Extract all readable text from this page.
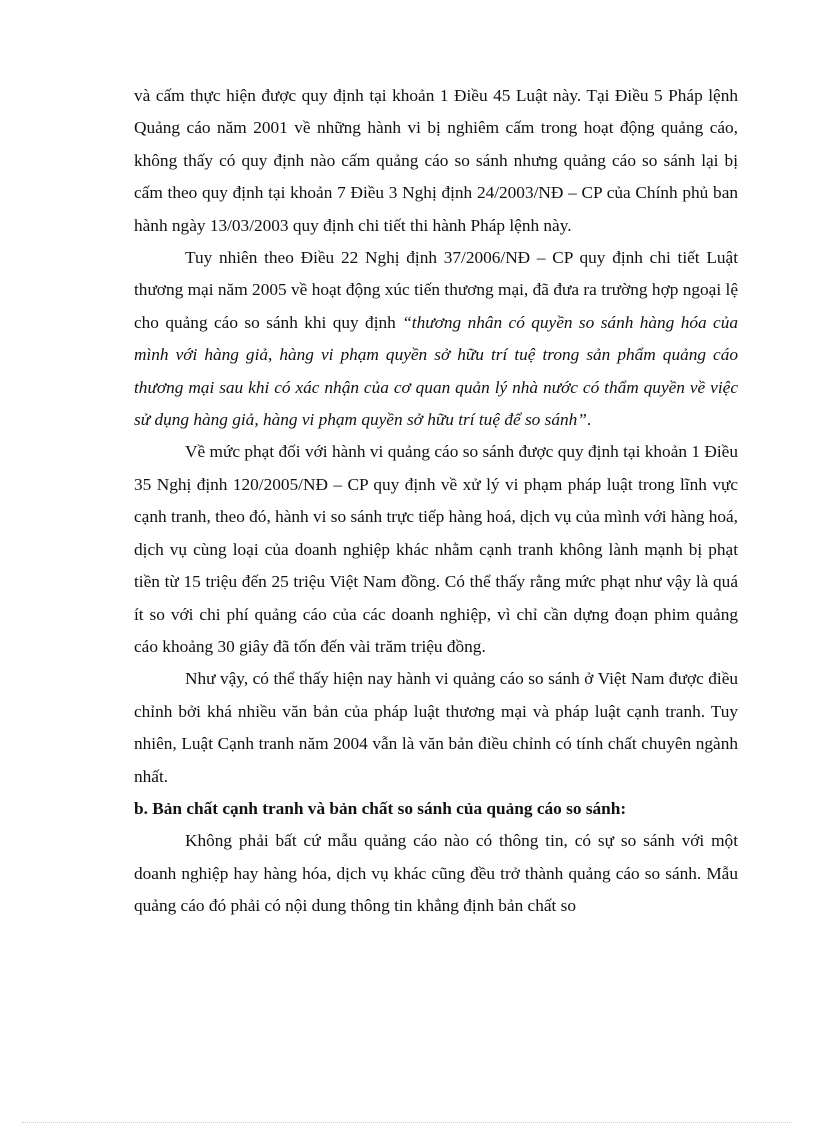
và cấm thực hiện được quy định tại khoản 1 Điều 45 Luật này. Tại Điều 5 Pháp lệnh Quảng cáo năm 2001 về những hành vi bị nghiêm cấm trong hoạt động quảng cáo, không thấy có quy định nào cấm quảng cáo so sánh nhưng quảng cáo so sánh lại bị cấm theo quy định tại khoản 7 Điều 3 Nghị định 24/2003/NĐ – CP của Chính phủ ban hành ngày 13/03/2003 quy định chi tiết thi hành Pháp lệnh này.

Tuy nhiên theo Điều 22 Nghị định 37/2006/NĐ – CP quy định chi tiết Luật thương mại năm 2005 về hoạt động xúc tiến thương mại, đã đưa ra trường hợp ngoại lệ cho quảng cáo so sánh khi quy định “thương nhân có quyền so sánh hàng hóa của mình với hàng giả, hàng vi phạm quyền sở hữu trí tuệ trong sản phẩm quảng cáo thương mại sau khi có xác nhận của cơ quan quản lý nhà nước có thẩm quyền về việc sử dụng hàng giả, hàng vi phạm quyền sở hữu trí tuệ để so sánh”.

Về mức phạt đối với hành vi quảng cáo so sánh được quy định tại khoản 1 Điều 35 Nghị định 120/2005/NĐ – CP quy định về xử lý vi phạm pháp luật trong lĩnh vực cạnh tranh, theo đó, hành vi so sánh trực tiếp hàng hoá, dịch vụ của mình với hàng hoá, dịch vụ cùng loại của doanh nghiệp khác nhằm cạnh tranh không lành mạnh bị phạt tiền từ 15 triệu đến 25 triệu Việt Nam đồng. Có thể thấy rằng mức phạt như vậy là quá ít so với chi phí quảng cáo của các doanh nghiệp, vì chỉ cần dựng đoạn phim quảng cáo khoảng 30 giây đã tốn đến vài trăm triệu đồng.

Như vậy, có thể thấy hiện nay hành vi quảng cáo so sánh ở Việt Nam được điều chỉnh bởi khá nhiều văn bản của pháp luật thương mại và pháp luật cạnh tranh. Tuy nhiên, Luật Cạnh tranh năm 2004 vẫn là văn bản điều chỉnh có tính chất chuyên ngành nhất.

b. Bản chất cạnh tranh và bản chất so sánh của quảng cáo so sánh:

Không phải bất cứ mẫu quảng cáo nào có thông tin, có sự so sánh với một doanh nghiệp hay hàng hóa, dịch vụ khác cũng đều trở thành quảng cáo so sánh. Mẫu quảng cáo đó phải có nội dung thông tin khẳng định bản chất so
